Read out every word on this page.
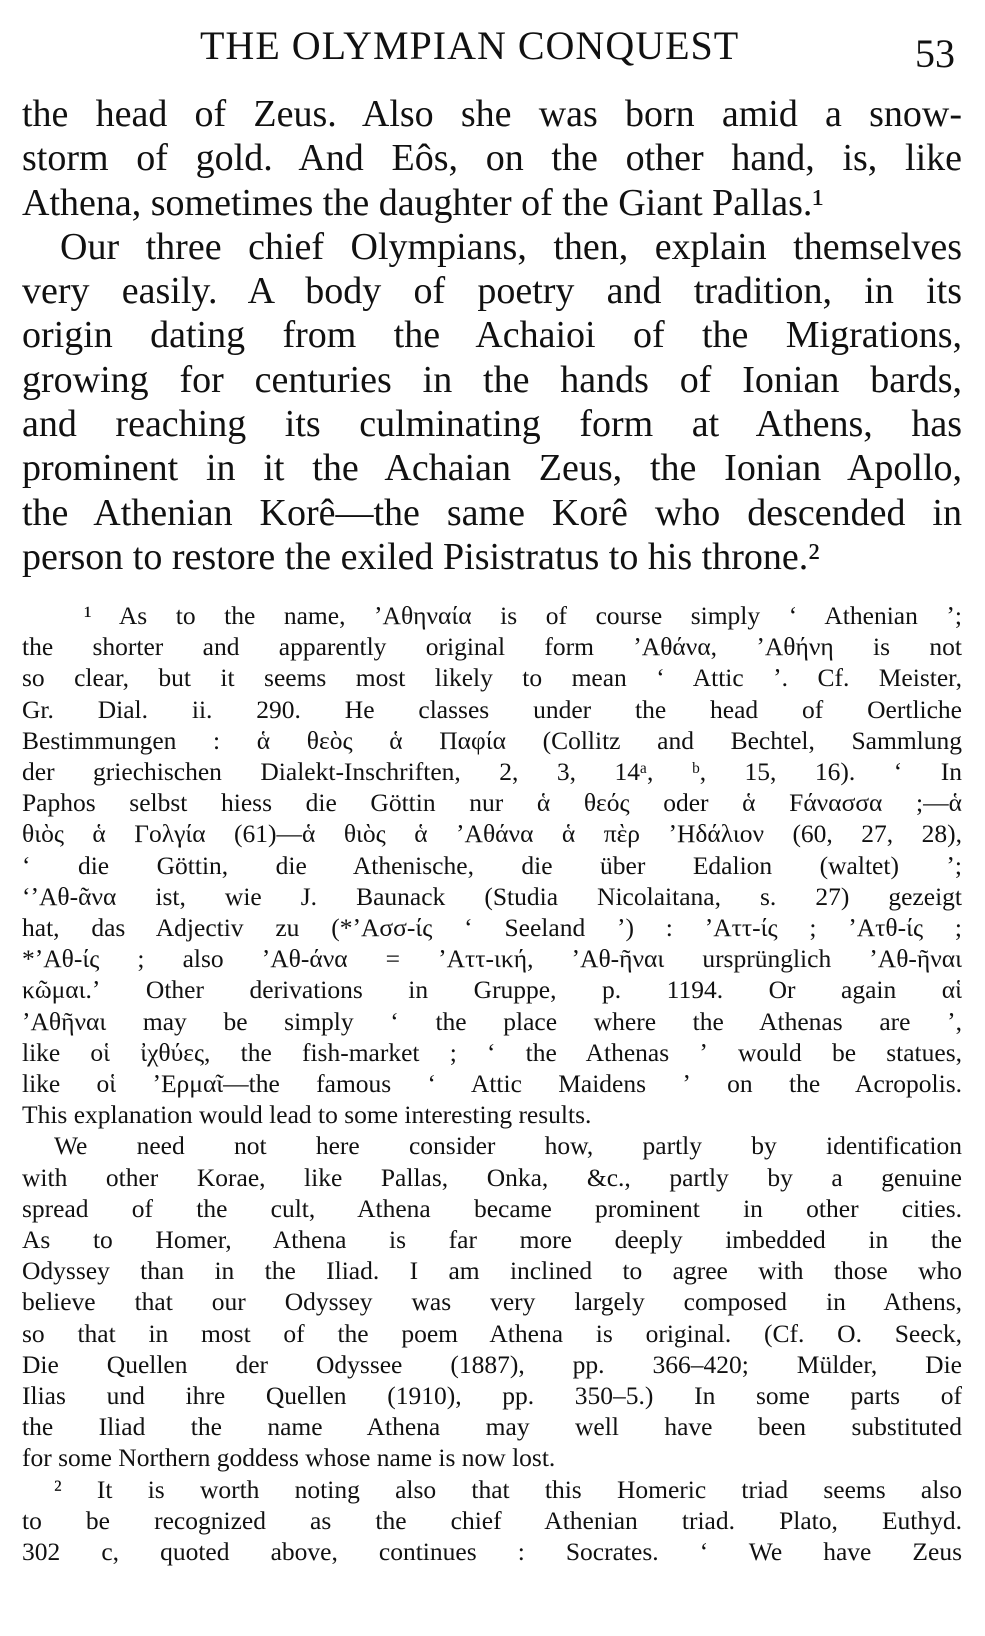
THE OLYMPIAN CONQUEST	53
the head of Zeus. Also she was born amid a snow-
storm of gold. And Eôs, on the other hand, is, like
Athena, sometimes the daughter of the Giant Pallas.¹
Our three chief Olympians, then, explain themselves
very easily. A body of poetry and tradition, in its
origin dating from the Achaioi of the Migrations,
growing for centuries in the hands of Ionian bards,
and reaching its culminating form at Athens, has
prominent in it the Achaian Zeus, the Ionian Apollo,
the Athenian Korê—the same Korê who descended in
person to restore the exiled Pisistratus to his throne.²
¹ As to the name, ʼΑθηναία is of course simply ʻ Athenian ʼ;
the shorter and apparently original form ʼΑθάνα, ʼΑθήνη is not
so clear, but it seems most likely to mean ʻ Attic ʼ. Cf. Meister,
Gr. Dial. ii. 290. He classes under the head of Oertliche
Bestimmungen : ἁ θεὸς ἁ Παφία (Collitz and Bechtel, Sammlung
der griechischen Dialekt-Inschriften, 2, 3, 14ᵃ, ᵇ, 15, 16). ʻ In
Paphos selbst hiess die Göttin nur ἁ θεός oder ἁ Fάνασσα ;—ἁ
θιὸς ἁ Γολγία (61)—ἁ θιὸς ἁ ʼΑθάνα ἁ πὲρ ʼΗδάλιον (60, 27, 28),
ʻ die Göttin, die Athenische, die über Edalion (waltet) ʼ;
ʻʼΑθ-ᾶνα ist, wie J. Baunack (Studia Nicolaitana, s. 27) gezeigt
hat, das Adjectiv zu (*ʼΑσσ-ίς ʻ Seeland ʼ) : ʼΑττ-ίς ; ʼΑτθ-ίς ;
*ʼΑθ-ίς ; also ʼΑθ-άνα = ʼΑττ-ική, ʼΑθ-ῆναι ursprünglich ʼΑθ-ῆναι
κῶμαι.ʼ Other derivations in Gruppe, p. 1194. Or again αἱ
ʼΑθῆναι may be simply ʻ the place where the Athenas are ʼ,
like οἱ ἰχθύες, the fish-market ; ʻ the Athenas ʼ would be statues,
like οἱ ʼΕρμαῖ—the famous ʻ Attic Maidens ʼ on the Acropolis.
This explanation would lead to some interesting results.
We need not here consider how, partly by identification
with other Korae, like Pallas, Onka, &c., partly by a genuine
spread of the cult, Athena became prominent in other cities.
As to Homer, Athena is far more deeply imbedded in the
Odyssey than in the Iliad. I am inclined to agree with those who
believe that our Odyssey was very largely composed in Athens,
so that in most of the poem Athena is original. (Cf. O. Seeck,
Die Quellen der Odyssee (1887), pp. 366–420; Mülder, Die
Ilias und ihre Quellen (1910), pp. 350–5.) In some parts of
the Iliad the name Athena may well have been substituted
for some Northern goddess whose name is now lost.
² It is worth noting also that this Homeric triad seems also
to be recognized as the chief Athenian triad. Plato, Euthyd.
302 c, quoted above, continues : Socrates. ʻ We have Zeus
